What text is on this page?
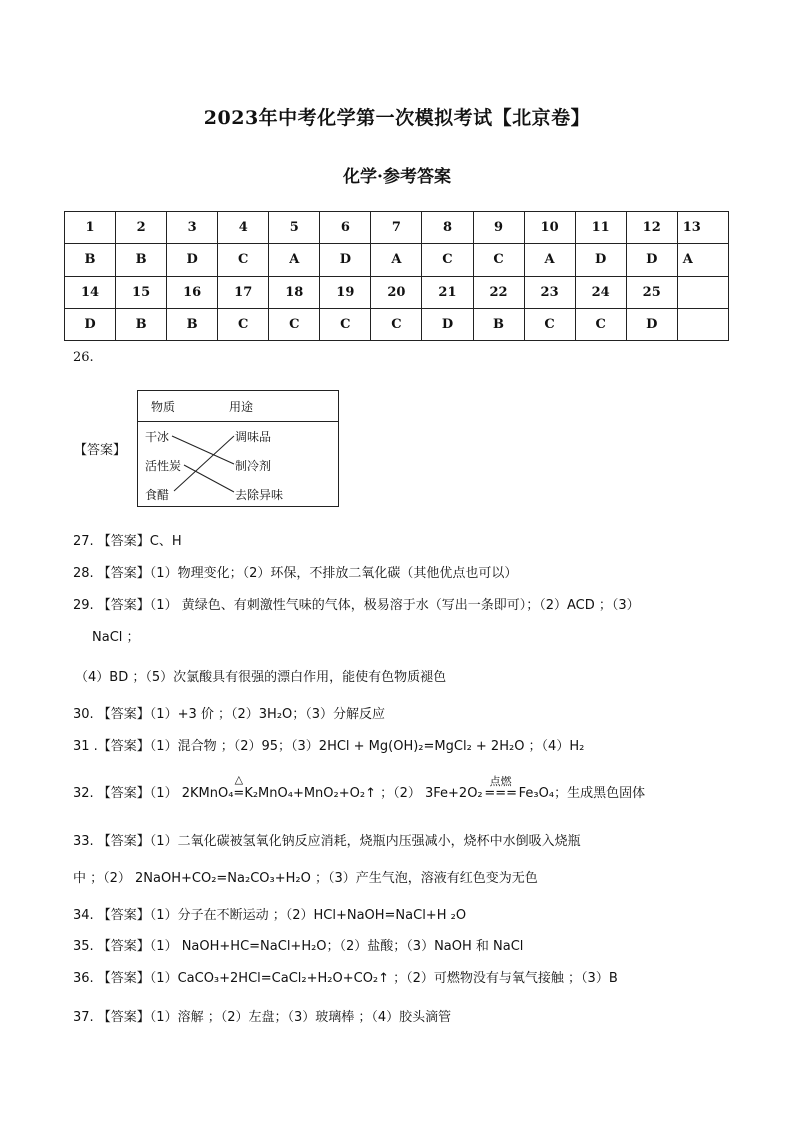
2023年中考化学第一次模拟考试【北京卷】
化学·参考答案
1	2	3	4	5	6	7	8	9	10	11	12	13
B	B	D	C	A	D	A	C	C	A	D	D	A
14	15	16	17	18	19	20	21	22	23	24	25	
D	B	B	C	C	C	C	D	B	C	C	D	
26.
【答案】
物质	用途
干冰
活性炭
食醋
调味品
制冷剂
去除异味
27. 【答案】C、H
28. 【答案】（1）物理变化；（2）环保，不排放二氧化碳（其他优点也可以）
29. 【答案】（1） 黄绿色、有刺激性气味的气体，极易溶于水（写出一条即可）；（2）ACD ；（3）
NaCl ；
（4）BD ；（5）次氯酸具有很强的漂白作用，能使有色物质褪色
30. 【答案】（1）+3 价 ；（2）3H₂O；（3）分解反应
31 .【答案】（1）混合物 ；（2）95；（3）2HCl + Mg(OH)₂=MgCl₂ + 2H₂O ；（4）H₂
32. 【答案】（1） 2KMnO₄
△
=K₂MnO₄+MnO₂+O₂↑ ；（2） 3Fe+2O₂
点燃
=== Fe₃O₄；生成黑色固体
33. 【答案】（1）二氧化碳被氢氧化钠反应消耗，烧瓶内压强减小，烧杯中水倒吸入烧瓶
中 ；（2） 2NaOH+CO₂=Na₂CO₃+H₂O ；（3）产生气泡，溶液有红色变为无色
34. 【答案】（1）分子在不断运动 ；（2）HCl+NaOH=NaCl+H ₂O
35. 【答案】（1） NaOH+HC=NaCl+H₂O；（2）盐酸；（3）NaOH 和 NaCl
36. 【答案】（1）CaCO₃+2HCl=CaCl₂+H₂O+CO₂↑ ；（2）可燃物没有与氧气接触 ；（3）B
37. 【答案】（1）溶解 ；（2）左盘；（3）玻璃棒 ；（4）胶头滴管
